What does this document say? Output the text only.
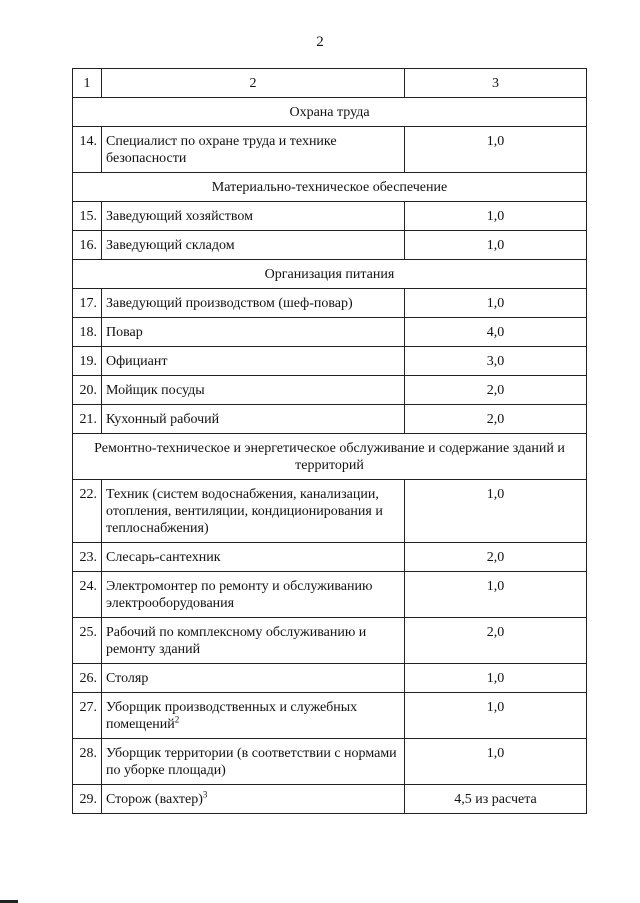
2
1	2	3
Охрана труда		
14.	Специалист по охране труда и технике безопасности	1,0
Материально-техническое обеспечение		
15.	Заведующий хозяйством	1,0
16.	Заведующий складом	1,0
Организация питания		
17.	Заведующий производством (шеф-повар)	1,0
18.	Повар	4,0
19.	Официант	3,0
20.	Мойщик посуды	2,0
21.	Кухонный рабочий	2,0
Ремонтно-техническое и энергетическое обслуживание и содержание зданий и территорий		
22.	Техник (систем водоснабжения, канализации, отопления, вентиляции, кондиционирования и теплоснабжения)	1,0
23.	Слесарь-сантехник	2,0
24.	Электромонтер по ремонту и обслуживанию электрооборудования	1,0
25.	Рабочий по комплексному обслуживанию и ремонту зданий	2,0
26.	Столяр	1,0
27.	Уборщик производственных и служебных помещений$^2$	1,0
28.	Уборщик территории (в соответствии с нормами по уборке площади)	1,0
29.	Сторож (вахтер)$^3$	4,5 из расчета
